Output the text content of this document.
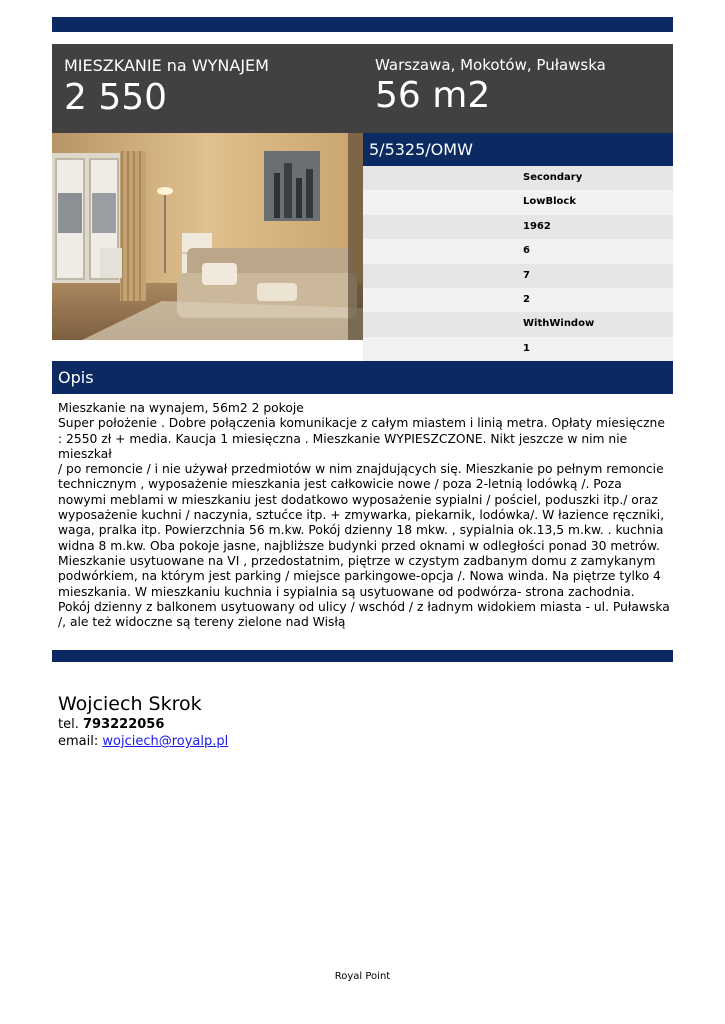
MIESZKANIE na WYNAJEM
2 550
Warszawa, Mokotów, Puławska
56 m2
5/5325/OMW
Secondary
LowBlock
1962
6
7
2
WithWindow
1
Opis
Mieszkanie na wynajem, 56m2 2 pokoje
Super położenie . Dobre połączenia komunikacje z całym miastem i linią metra. Opłaty miesięczne : 2550 zł + media. Kaucja 1 miesięczna . Mieszkanie WYPIESZCZONE. Nikt jeszcze w nim nie mieszkał
/ po remoncie / i nie używał przedmiotów w nim znajdujących się. Mieszkanie po pełnym remoncie technicznym , wyposażenie mieszkania jest całkowicie nowe / poza 2-letnią lodówką /. Poza nowymi meblami w mieszkaniu jest dodatkowo wyposażenie sypialni / pościel, poduszki itp./ oraz wyposażenie kuchni / naczynia, sztućce itp. + zmywarka, piekarnik, lodówka/. W łazience ręczniki, waga, pralka itp. Powierzchnia 56 m.kw. Pokój dzienny 18 mkw. , sypialnia ok.13,5 m.kw. . kuchnia widna 8 m.kw. Oba pokoje jasne, najbliższe budynki przed oknami w odległości ponad 30 metrów. Mieszkanie usytuowane na VI , przedostatnim, piętrze w czystym zadbanym domu z zamykanym podwórkiem, na którym jest parking / miejsce parkingowe-opcja /. Nowa winda. Na piętrze tylko 4 mieszkania. W mieszkaniu kuchnia i sypialnia są usytuowane od podwórza- strona zachodnia. Pokój dzienny z balkonem usytuowany od ulicy / wschód / z ładnym widokiem miasta - ul. Puławska /, ale też widoczne są tereny zielone nad Wisłą
Wojciech Skrok
tel. 793222056
email: wojciech@royalp.pl
Royal Point
